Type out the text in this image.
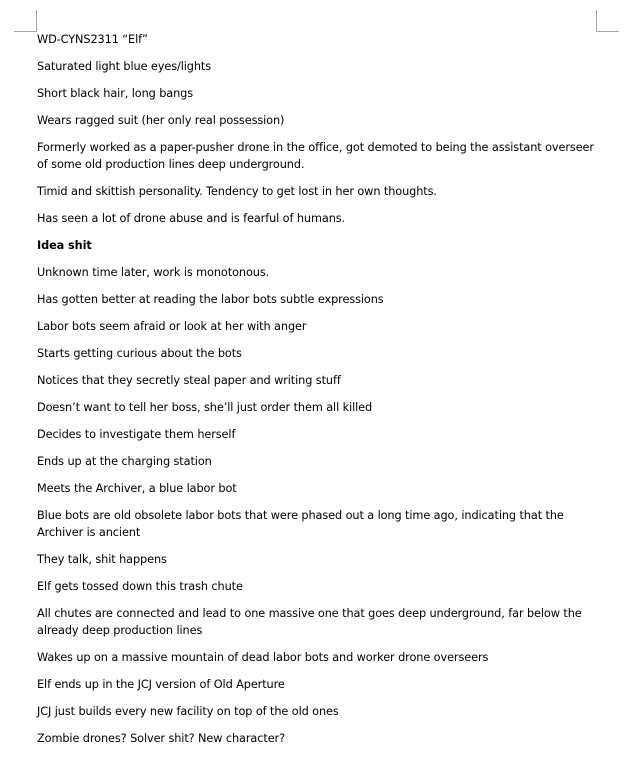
WD-CYNS2311 “Elf”

Saturated light blue eyes/lights

Short black hair, long bangs

Wears ragged suit (her only real possession)

Formerly worked as a paper-pusher drone in the office, got demoted to being the assistant overseer of some old production lines deep underground.

Timid and skittish personality. Tendency to get lost in her own thoughts.

Has seen a lot of drone abuse and is fearful of humans.

Idea shit

Unknown time later, work is monotonous.

Has gotten better at reading the labor bots subtle expressions

Labor bots seem afraid or look at her with anger

Starts getting curious about the bots

Notices that they secretly steal paper and writing stuff

Doesn’t want to tell her boss, she’ll just order them all killed

Decides to investigate them herself

Ends up at the charging station

Meets the Archiver, a blue labor bot

Blue bots are old obsolete labor bots that were phased out a long time ago, indicating that the Archiver is ancient

They talk, shit happens

Elf gets tossed down this trash chute

All chutes are connected and lead to one massive one that goes deep underground, far below the already deep production lines

Wakes up on a massive mountain of dead labor bots and worker drone overseers

Elf ends up in the JCJ version of Old Aperture

JCJ just builds every new facility on top of the old ones

Zombie drones? Solver shit? New character?
